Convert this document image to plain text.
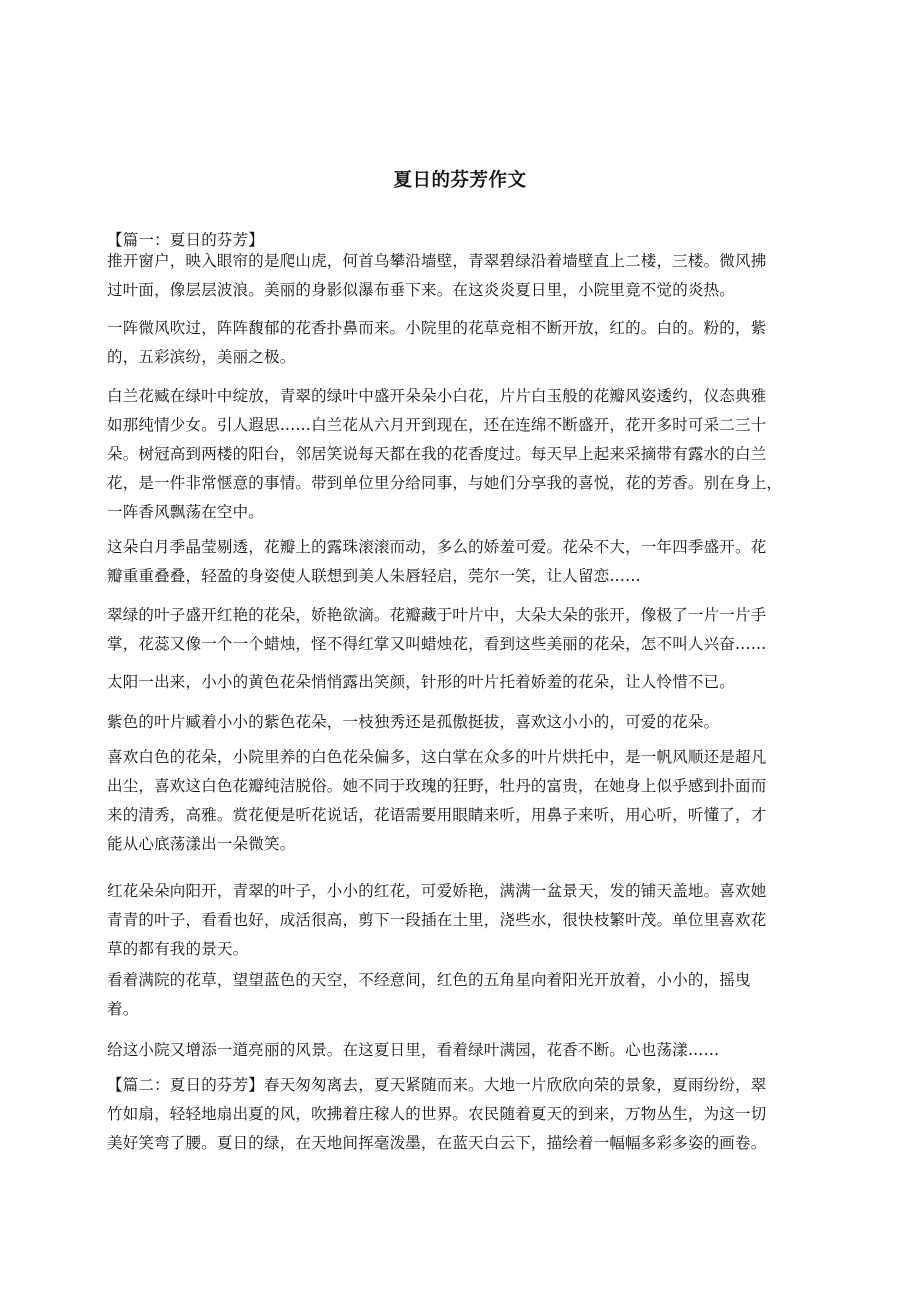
夏日的芬芳作文
【篇一：夏日的芬芳】
推开窗户，映入眼帘的是爬山虎，何首乌攀沿墙壁，青翠碧绿沿着墙壁直上二楼，三楼。微风拂
过叶面，像层层波浪。美丽的身影似瀑布垂下来。在这炎炎夏日里，小院里竟不觉的炎热。
一阵微风吹过，阵阵馥郁的花香扑鼻而来。小院里的花草竞相不断开放，红的。白的。粉的，紫
的，五彩滨纷，美丽之极。
白兰花臧在绿叶中绽放，青翠的绿叶中盛开朵朵小白花，片片白玉般的花瓣风姿逶约，仪态典雅
如那纯情少女。引人遐思……白兰花从六月开到现在，还在连绵不断盛开，花开多时可采二三十
朵。树冠高到两楼的阳台，邻居笑说每天都在我的花香度过。每天早上起来采摘带有露水的白兰
花，是一件非常惬意的事情。带到单位里分给同事，与她们分享我的喜悦，花的芳香。别在身上，
一阵香风飘荡在空中。
这朵白月季晶莹剔透，花瓣上的露珠滚滚而动，多么的娇羞可爱。花朵不大，一年四季盛开。花
瓣重重叠叠，轻盈的身姿使人联想到美人朱唇轻启，莞尔一笑，让人留恋……
翠绿的叶子盛开红艳的花朵，娇艳欲滴。花瓣藏于叶片中，大朵大朵的张开，像极了一片一片手
掌，花蕊又像一个一个蜡烛，怪不得红掌又叫蜡烛花，看到这些美丽的花朵，怎不叫人兴奋……
太阳一出来，小小的黄色花朵悄悄露出笑颜，针形的叶片托着娇羞的花朵，让人怜惜不已。
紫色的叶片臧着小小的紫色花朵，一枝独秀还是孤傲挺拔，喜欢这小小的，可爱的花朵。
喜欢白色的花朵，小院里养的白色花朵偏多，这白掌在众多的叶片烘托中，是一帆风顺还是超凡
出尘，喜欢这白色花瓣纯洁脱俗。她不同于玫瑰的狂野，牡丹的富贵，在她身上似乎感到扑面而
来的清秀，高雅。赏花便是听花说话，花语需要用眼睛来听，用鼻子来听，用心听，听懂了，才
能从心底荡漾出一朵微笑。
红花朵朵向阳开，青翠的叶子，小小的红花，可爱娇艳，满满一盆景天，发的铺天盖地。喜欢她
青青的叶子，看看也好，成活很高，剪下一段插在土里，浇些水，很快枝繁叶茂。单位里喜欢花
草的都有我的景天。
看着满院的花草，望望蓝色的天空，不经意间，红色的五角星向着阳光开放着，小小的，摇曳
着。
给这小院又增添一道亮丽的风景。在这夏日里，看着绿叶满园，花香不断。心也荡漾……
【篇二：夏日的芬芳】春天匆匆离去，夏天紧随而来。大地一片欣欣向荣的景象，夏雨纷纷，翠
竹如扇，轻轻地扇出夏的风，吹拂着庄稼人的世界。农民随着夏天的到来，万物丛生，为这一切
美好笑弯了腰。夏日的绿，在天地间挥毫泼墨，在蓝天白云下，描绘着一幅幅多彩多姿的画卷。
